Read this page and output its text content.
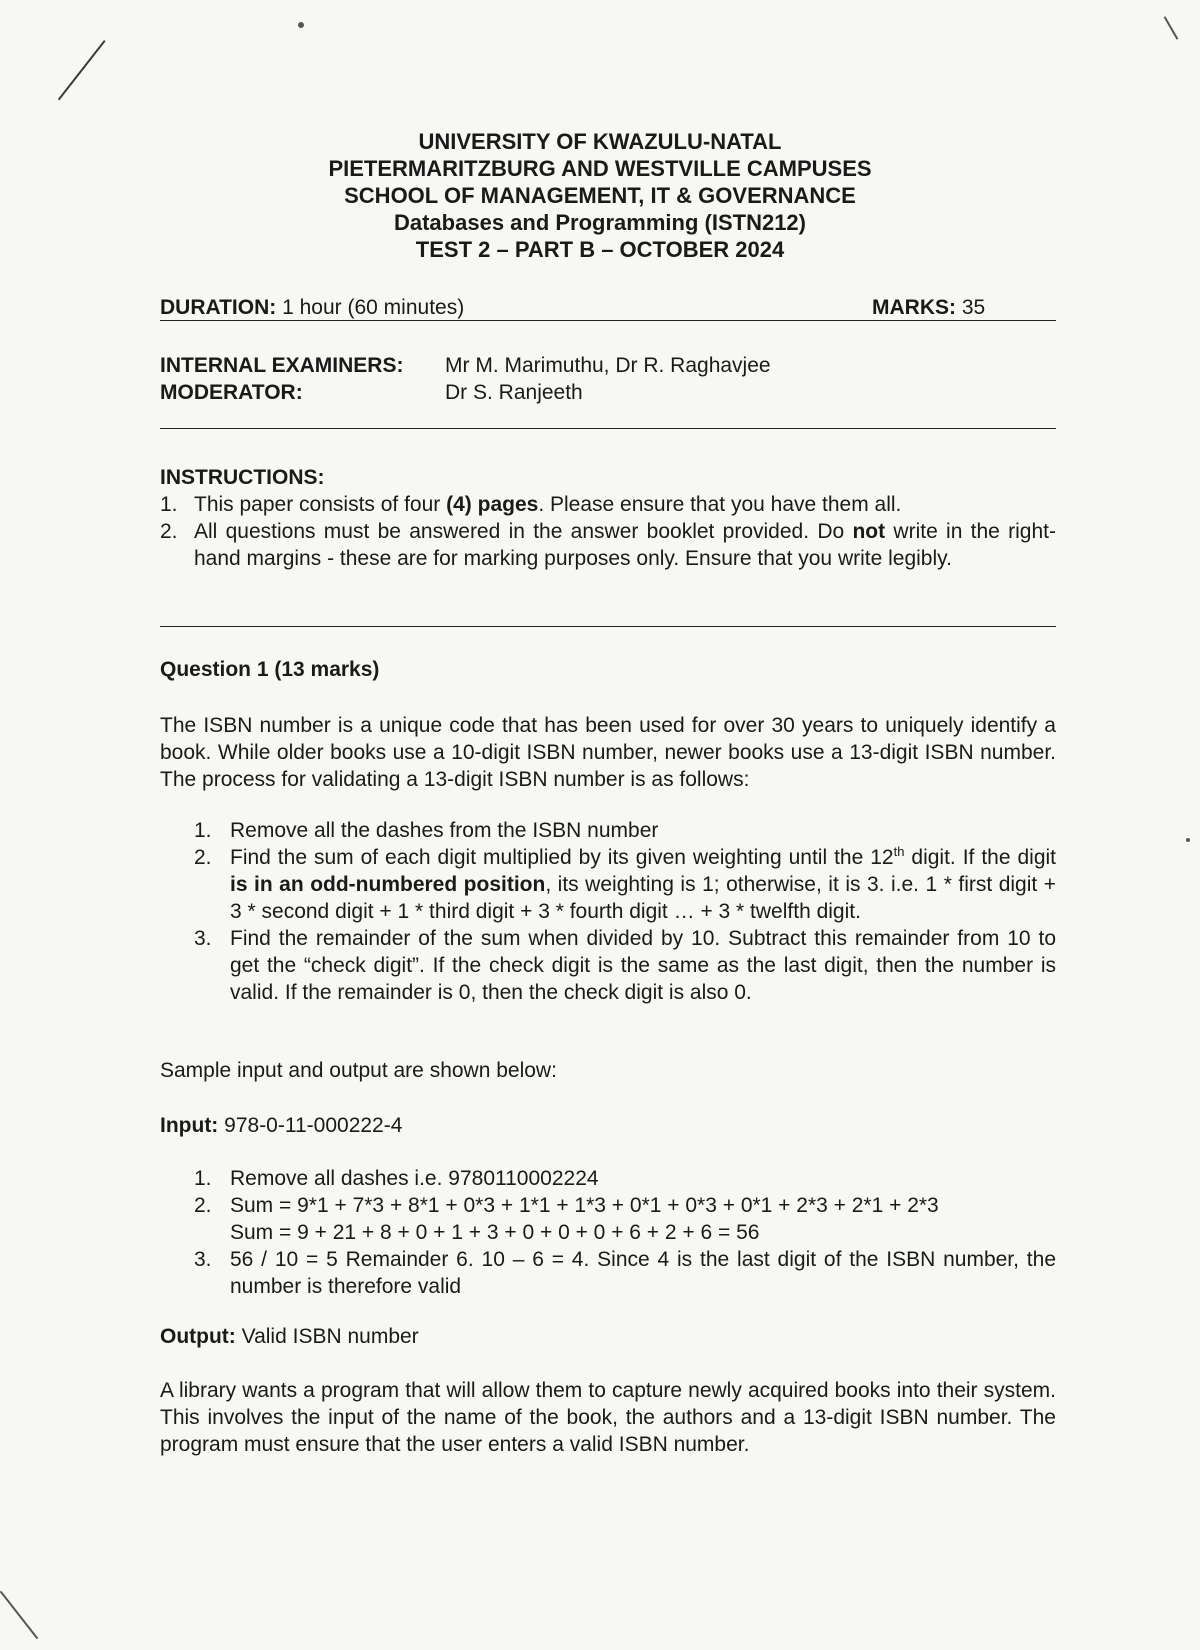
UNIVERSITY OF KWAZULU-NATAL
PIETERMARITZBURG AND WESTVILLE CAMPUSES
SCHOOL OF MANAGEMENT, IT & GOVERNANCE
Databases and Programming (ISTN212)
TEST 2 – PART B – OCTOBER 2024
DURATION: 1 hour (60 minutes)	MARKS: 35
INTERNAL EXAMINERS: Mr M. Marimuthu, Dr R. Raghavjee
MODERATOR:	Dr S. Ranjeeth
INSTRUCTIONS:
1. This paper consists of four (4) pages. Please ensure that you have them all.
2. All questions must be answered in the answer booklet provided. Do not write in the right-hand margins - these are for marking purposes only. Ensure that you write legibly.
Question 1 (13 marks)
The ISBN number is a unique code that has been used for over 30 years to uniquely identify a book. While older books use a 10-digit ISBN number, newer books use a 13-digit ISBN number. The process for validating a 13-digit ISBN number is as follows:
1. Remove all the dashes from the ISBN number
2. Find the sum of each digit multiplied by its given weighting until the 12th digit. If the digit is in an odd-numbered position, its weighting is 1; otherwise, it is 3. i.e. 1 * first digit + 3 * second digit + 1 * third digit + 3 * fourth digit … + 3 * twelfth digit.
3. Find the remainder of the sum when divided by 10. Subtract this remainder from 10 to get the “check digit”. If the check digit is the same as the last digit, then the number is valid. If the remainder is 0, then the check digit is also 0.
Sample input and output are shown below:
Input: 978-0-11-000222-4
1. Remove all dashes i.e. 9780110002224
2. Sum = 9*1 + 7*3 + 8*1 + 0*3 + 1*1 + 1*3 + 0*1 + 0*3 + 0*1 + 2*3 + 2*1 + 2*3
Sum = 9 + 21 + 8 + 0 + 1 + 3 + 0 + 0 + 0 + 6 + 2 + 6 = 56
3. 56 / 10 = 5 Remainder 6. 10 – 6 = 4. Since 4 is the last digit of the ISBN number, the number is therefore valid
Output: Valid ISBN number
A library wants a program that will allow them to capture newly acquired books into their system. This involves the input of the name of the book, the authors and a 13-digit ISBN number. The program must ensure that the user enters a valid ISBN number.
